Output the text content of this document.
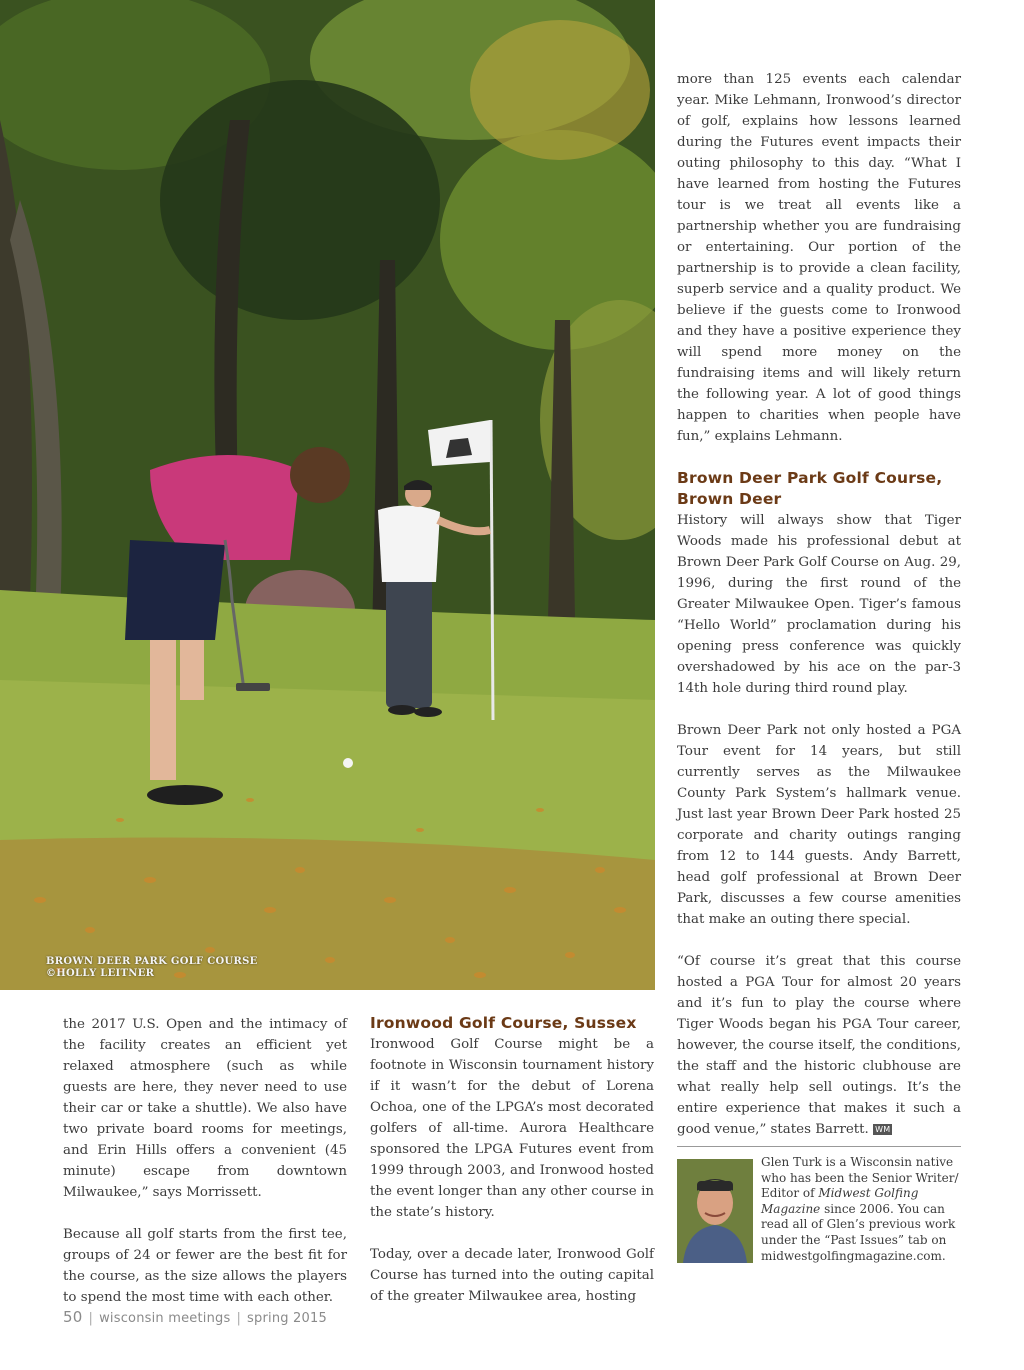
BROWN DEER PARK GOLF COURSE
©HOLLY LEITNER

the 2017 U.S. Open and the intimacy of the facility creates an efficient yet relaxed atmosphere (such as while guests are here, they never need to use their car or take a shuttle). We also have two private board rooms for meetings, and Erin Hills offers a convenient (45 minute) escape from downtown Milwaukee,” says Morrissett.

Because all golf starts from the first tee, groups of 24 or fewer are the best fit for the course, as the size allows the players to spend the most time with each other.

Ironwood Golf Course, Sussex

Ironwood Golf Course might be a footnote in Wisconsin tournament history if it wasn’t for the debut of Lorena Ochoa, one of the LPGA’s most decorated golfers of all-time. Aurora Healthcare sponsored the LPGA Futures event from 1999 through 2003, and Ironwood hosted the event longer than any other course in the state’s history.

Today, over a decade later, Ironwood Golf Course has turned into the outing capital of the greater Milwaukee area, hosting

more than 125 events each calendar year. Mike Lehmann, Ironwood’s director of golf, explains how lessons learned during the Futures event impacts their outing philosophy to this day. “What I have learned from hosting the Futures tour is we treat all events like a partnership whether you are fundraising or entertaining. Our portion of the partnership is to provide a clean facility, superb service and a quality product. We believe if the guests come to Ironwood and they have a positive experience they will spend more money on the fundraising items and will likely return the following year. A lot of good things happen to charities when people have fun,” explains Lehmann.

Brown Deer Park Golf Course, Brown Deer

History will always show that Tiger Woods made his professional debut at Brown Deer Park Golf Course on Aug. 29, 1996, during the first round of the Greater Milwaukee Open. Tiger’s famous “Hello World” proclamation during his opening press conference was quickly overshadowed by his ace on the par-3 14th hole during third round play.

Brown Deer Park not only hosted a PGA Tour event for 14 years, but still currently serves as the Milwaukee County Park System’s hallmark venue. Just last year Brown Deer Park hosted 25 corporate and charity outings ranging from 12 to 144 guests. Andy Barrett, head golf professional at Brown Deer Park, discusses a few course amenities that make an outing there special.

“Of course it’s great that this course hosted a PGA Tour for almost 20 years and it’s fun to play the course where Tiger Woods began his PGA Tour career, however, the course itself, the conditions, the staff and the historic clubhouse are what really help sell outings. It’s the entire experience that makes it such a good venue,” states Barrett. WM

Glen Turk is a Wisconsin native who has been the Senior Writer/ Editor of Midwest Golfing Magazine since 2006. You can read all of Glen’s previous work under the “Past Issues” tab on midwestgolfingmagazine.com.
50 | wisconsin meetings | spring 2015
